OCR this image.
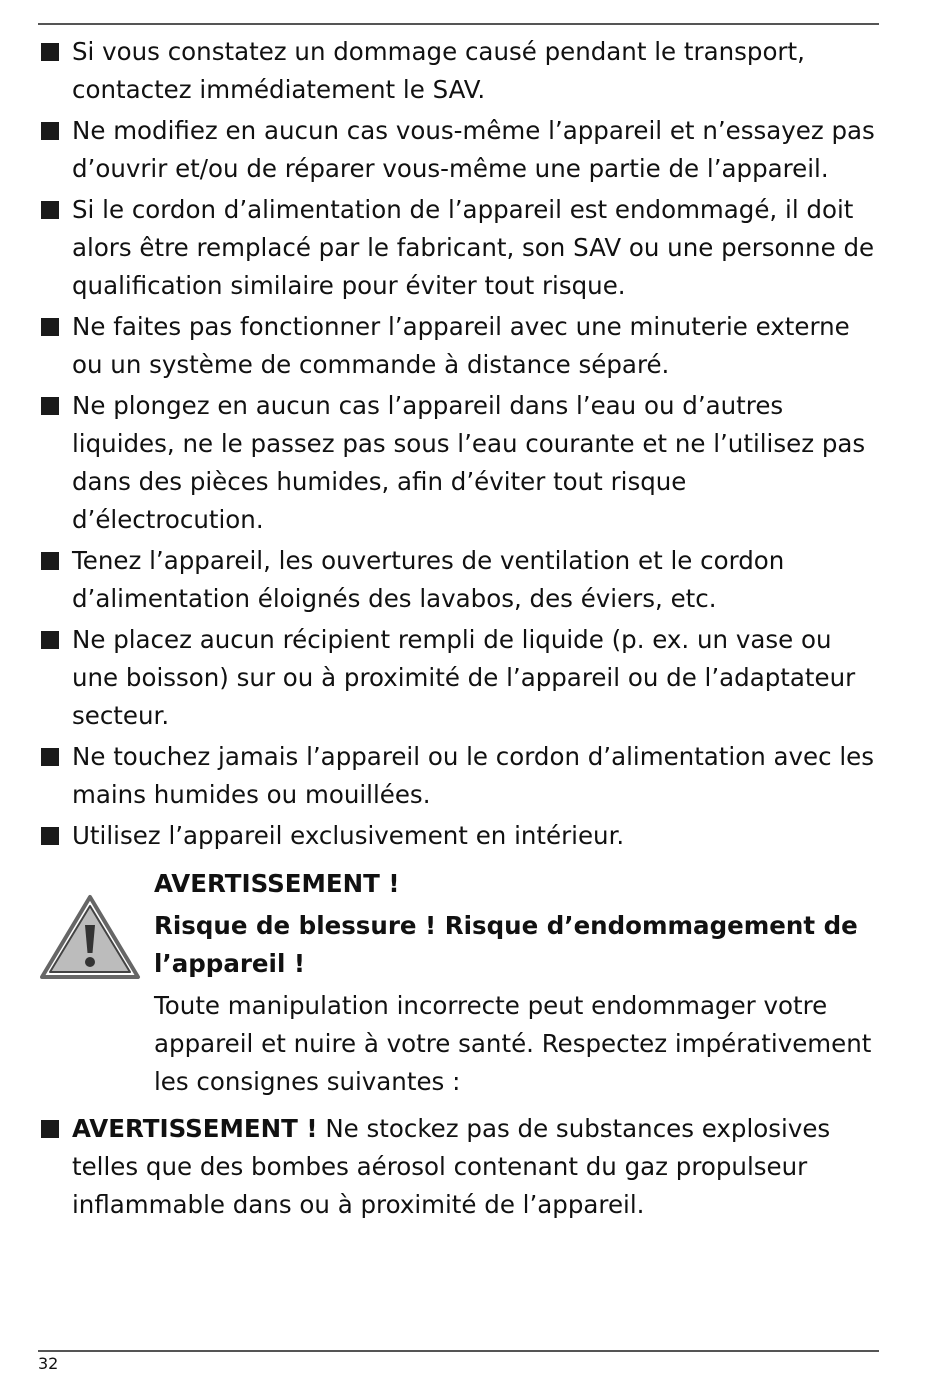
Si vous constatez un dommage causé pendant le transport, contactez immédiatement le SAV.
Ne modifiez en aucun cas vous-même l’appareil et n’essayez pas d’ouvrir et/ou de réparer vous-même une partie de l’appareil.
Si le cordon d’alimentation de l’appareil est endommagé, il doit alors être remplacé par le fabricant, son SAV ou une personne de qualification similaire pour éviter tout risque.
Ne faites pas fonctionner l’appareil avec une minuterie externe ou un système de commande à distance séparé.
Ne plongez en aucun cas l’appareil dans l’eau ou d’autres liquides, ne le passez pas sous l’eau courante et ne l’utilisez pas dans des pièces humides, afin d’éviter tout risque d’électrocution.
Tenez l’appareil, les ouvertures de ventilation et le cordon d’alimentation éloignés des lavabos, des éviers, etc.
Ne placez aucun récipient rempli de liquide (p. ex. un vase ou une boisson) sur ou à proximité de l’appareil ou de l’adaptateur secteur.
Ne touchez jamais l’appareil ou le cordon d’alimentation avec les mains humides ou mouillées.
Utilisez l’appareil exclusivement en intérieur.
AVERTISSEMENT !
Risque de blessure ! Risque d’endommagement de l’appareil !
Toute manipulation incorrecte peut endommager votre appareil et nuire à votre santé. Respectez impérativement les consignes suivantes :
AVERTISSEMENT ! Ne stockez pas de substances explosives telles que des bombes aérosol contenant du gaz propulseur inflammable dans ou à proximité de l’appareil.
32
